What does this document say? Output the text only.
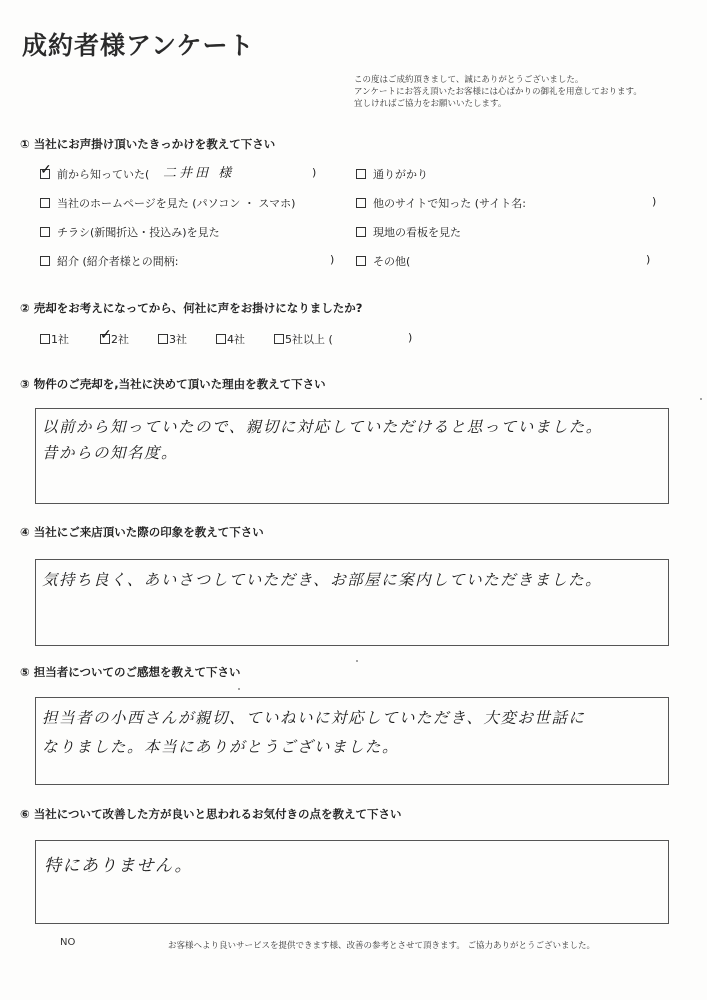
成約者様アンケート
この度はご成約頂きまして、誠にありがとうございました。
アンケートにお答え頂いたお客様には心ばかりの御礼を用意しております。
宜しければご協力をお願いいたします。
① 当社にお声掛け頂いたきっかけを教えて下さい
✓ 前から知っていた( 二井田 様	)	通りがかり
当社のホームページを見た (パソコン ・ スマホ)	他のサイトで知った (サイト名:	)
チラシ(新聞折込・投込み)を見た	現地の看板を見た
紹介 (紹介者様との間柄:	)	その他(	)
② 売却をお考えになってから、何社に声をお掛けになりましたか?
1社 ✓ 2社	3社	4社	5社以上 (	)
③ 物件のご売却を,当社に決めて頂いた理由を教えて下さい
以前から知っていたので、親切に対応していただけると思っていました。
昔からの知名度。
④ 当社にご来店頂いた際の印象を教えて下さい
気持ち良く、あいさつしていただき、お部屋に案内していただきました。
⑤ 担当者についてのご感想を教えて下さい
担当者の小西さんが親切、ていねいに対応していただき、大変お世話に
なりました。本当にありがとうございました。
⑥ 当社について改善した方が良いと思われるお気付きの点を教えて下さい
特にありません。
NO	お客様へより良いサービスを提供できます様、改善の参考とさせて頂きます。 ご協力ありがとうございました。
